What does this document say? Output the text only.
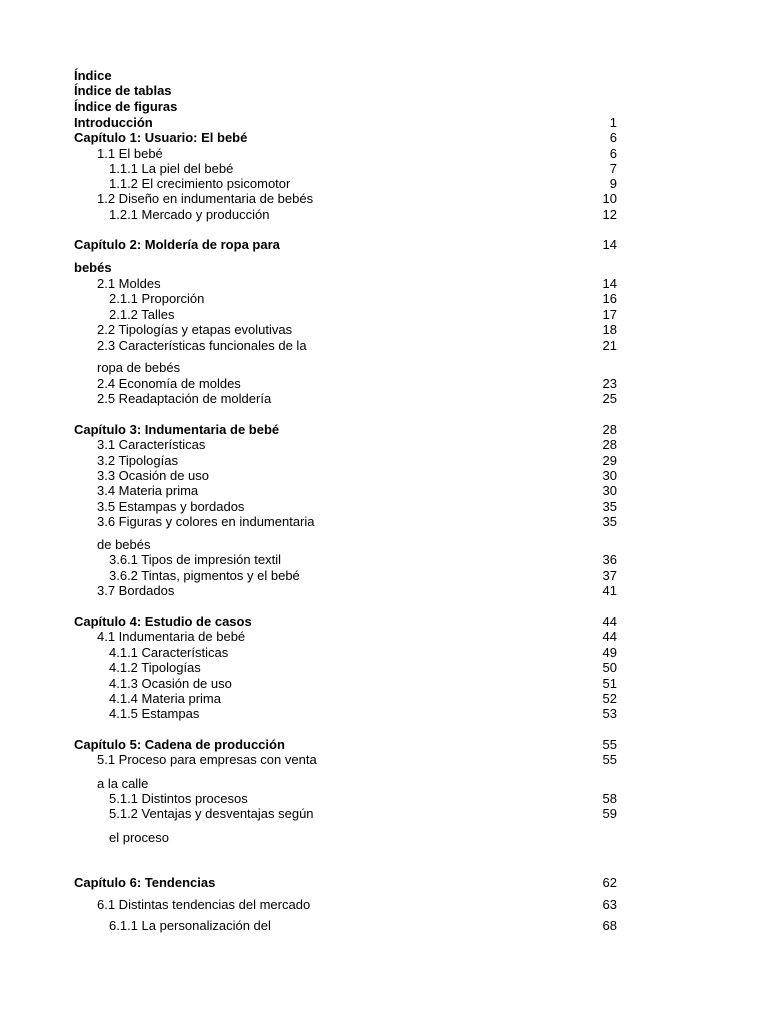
Índice
Índice de tablas
Índice de figuras
Introducción	1
Capítulo 1: Usuario: El bebé	6
1.1 El bebé	6
1.1.1 La piel del bebé	7
1.1.2 El crecimiento psicomotor	9
1.2 Diseño en indumentaria de bebés	10
1.2.1 Mercado y producción	12
Capítulo 2: Moldería de ropa para	14
bebés
2.1 Moldes	14
2.1.1 Proporción	16
2.1.2 Talles	17
2.2 Tipologías y etapas evolutivas	18
2.3 Características funcionales de la	21
ropa de bebés
2.4 Economía de moldes	23
2.5 Readaptación de moldería	25
Capítulo 3: Indumentaria de bebé	28
3.1 Características	28
3.2 Tipologías	29
3.3 Ocasión de uso	30
3.4 Materia prima	30
3.5 Estampas y bordados	35
3.6 Figuras y colores en indumentaria	35
de bebés
3.6.1 Tipos de impresión textil	36
3.6.2 Tintas, pigmentos y el bebé	37
3.7 Bordados	41
Capítulo 4: Estudio de casos	44
4.1 Indumentaria de bebé	44
4.1.1 Características	49
4.1.2 Tipologías	50
4.1.3 Ocasión de uso	51
4.1.4 Materia prima	52
4.1.5 Estampas	53
Capítulo 5: Cadena de producción	55
5.1 Proceso para empresas con venta	55
a la calle
5.1.1 Distintos procesos	58
5.1.2 Ventajas y desventajas según	59
el proceso
Capítulo 6: Tendencias	62
6.1 Distintas tendencias del mercado	63
6.1.1 La personalización del	68
